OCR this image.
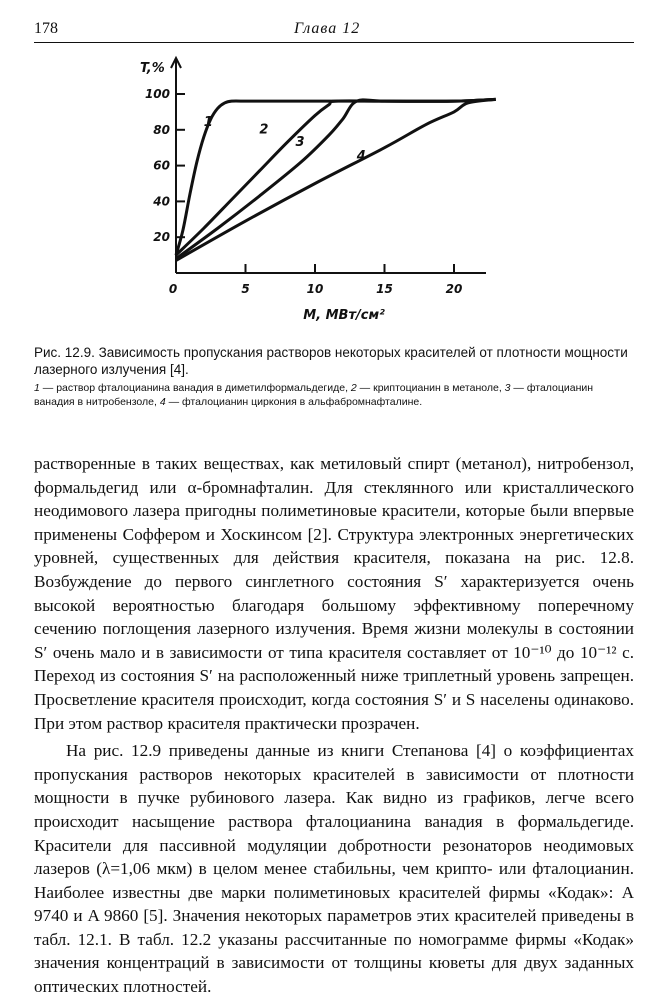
178	Глава 12
0	5	10	15	20
20
40
60
80
100
T,%
M, МВт/см²
1	2
3
4

Рис. 12.9. Зависимость пропускания растворов некоторых красителей от плотности мощности лазерного излучения [4].

1 — раствор фталоцианина ванадия в диметилформальдегиде, 2 — криптоцианин в метаноле, 3 — фталоцианин ванадия в нитробензоле, 4 — фталоцианин циркония в альфабромнафталине.

растворенные в таких веществах, как метиловый спирт (метанол), нитробензол, формальдегид или α-бромнафталин. Для стеклянного или кристаллического неодимового лазера пригодны полиметиновые красители, которые были впервые применены Соффером и Хоскинсом [2]. Структура электронных энергетических уровней, существенных для действия красителя, показана на рис. 12.8. Возбуждение до первого синглетного состояния S′ характеризуется очень высокой вероятностью благодаря большому эффективному поперечному сечению поглощения лазерного излучения. Время жизни молекулы в состоянии S′ очень мало и в зависимости от типа красителя составляет от 10⁻¹⁰ до 10⁻¹² с. Переход из состояния S′ на расположенный ниже триплетный уровень запрещен. Просветление красителя происходит, когда состояния S′ и S населены одинаково. При этом раствор красителя практически прозрачен.

На рис. 12.9 приведены данные из книги Степанова [4] о коэффициентах пропускания растворов некоторых красителей в зависимости от плотности мощности в пучке рубинового лазера. Как видно из графиков, легче всего происходит насыщение раствора фталоцианина ванадия в формальдегиде. Красители для пассивной модуляции добротности резонаторов неодимовых лазеров (λ=1,06 мкм) в целом менее стабильны, чем крипто- или фталоцианин. Наиболее известны две марки полиметиновых красителей фирмы «Кодак»: A 9740 и A 9860 [5]. Значения некоторых параметров этих красителей приведены в табл. 12.1. В табл. 12.2 указаны рассчитанные по номограмме фирмы «Кодак» значения концентраций в зависимости от толщины кюветы для двух заданных оптических плотностей.
